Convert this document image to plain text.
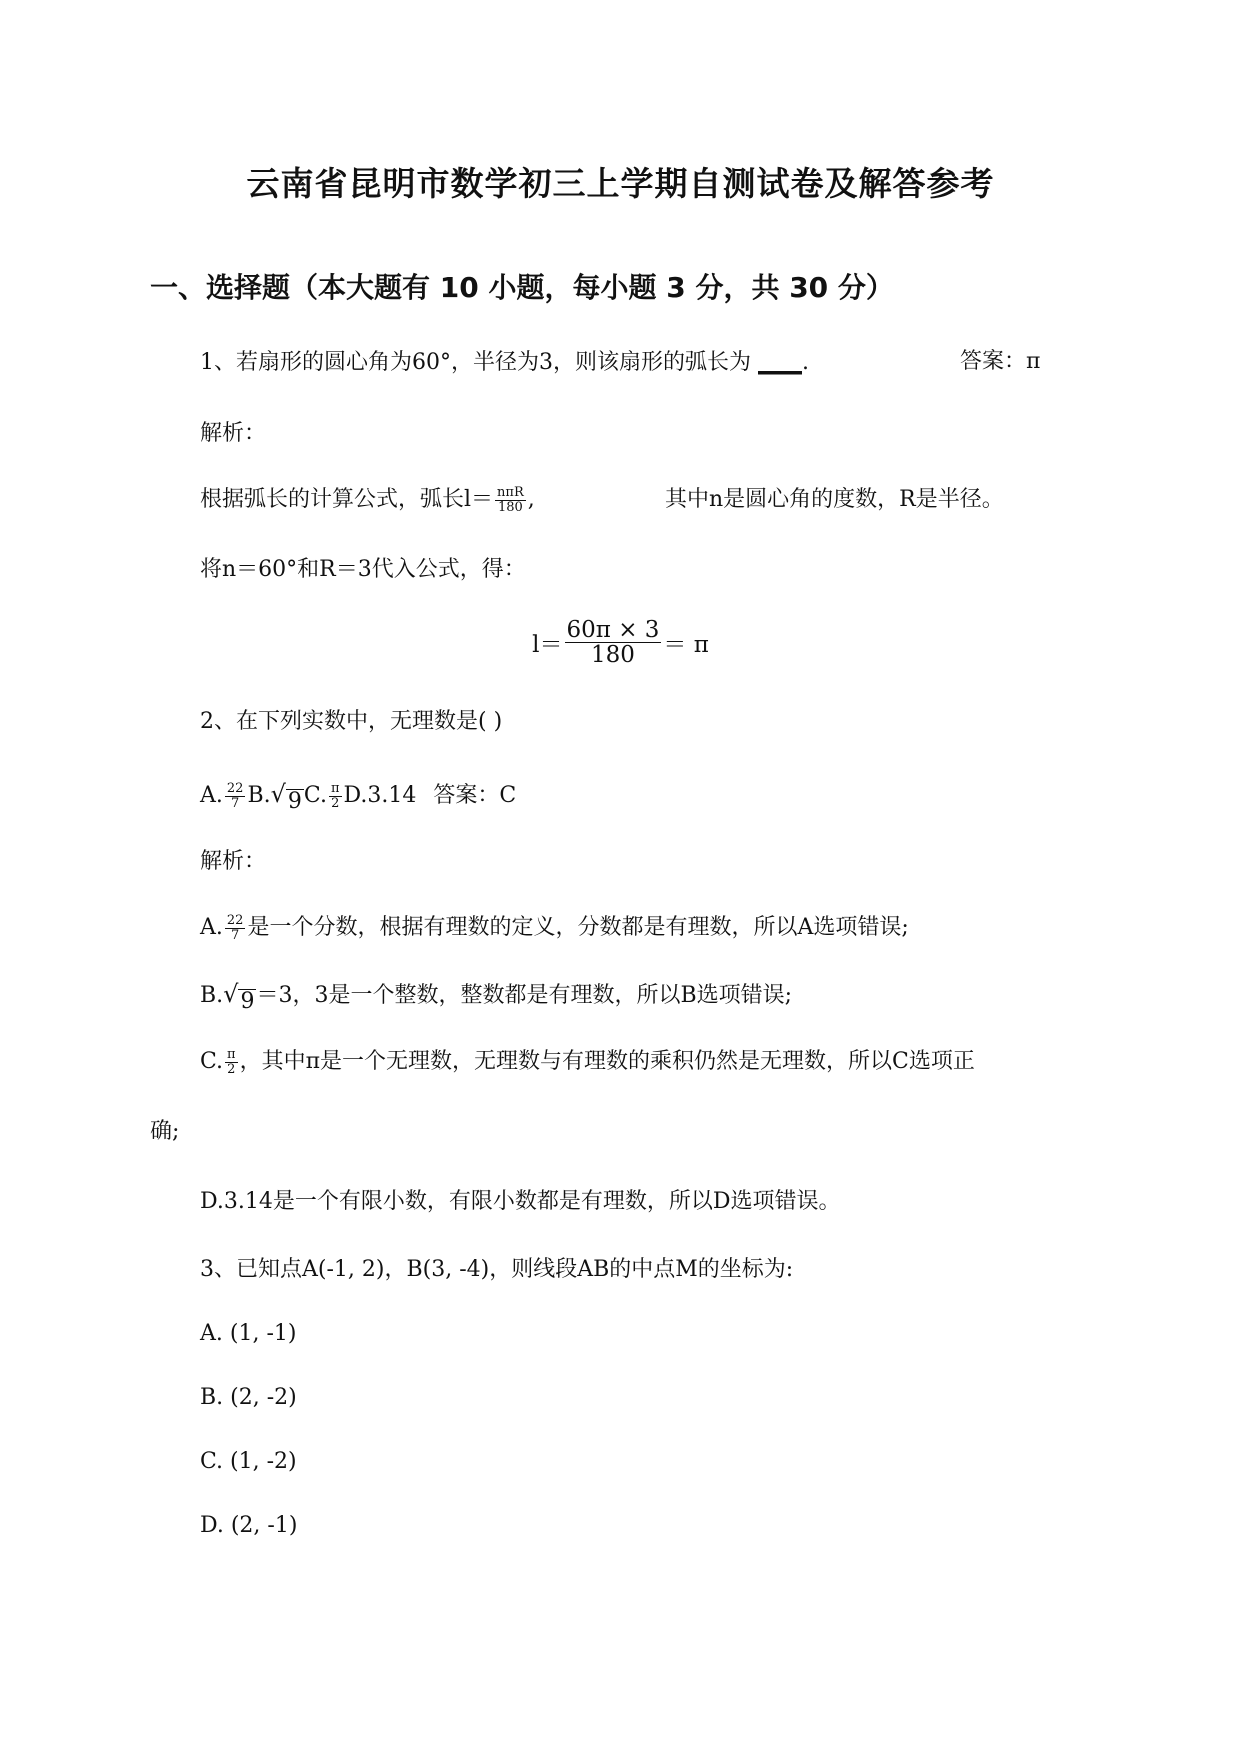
云南省昆明市数学初三上学期自测试卷及解答参考
一、选择题（本大题有 10 小题，每小题 3 分，共 30 分）
1、若扇形的圆心角为60°，半径为3，则该扇形的弧长为 ____.	答案：π
解析：
根据弧长的计算公式，弧长$l= \frac{\text{nπR}}{180}$ ,	其中n是圆心角的度数，R是半径。
将n＝60°和R＝3代入公式，得：
$l= \frac{60\pi \times 3}{180} = \pi$
2、在下列实数中，无理数是( )
A. $\frac{22}{7} B$. √ 9 C. $\frac{\pi}{2} D.3.14$ 答案：C
解析：
A. $\frac{22}{7}$ 是一个分数，根据有理数的定义，分数都是有理数，所以A选项错误;
B. √ 9 ＝3，3是一个整数，整数都是有理数，所以B选项错误;
C. $\frac{\pi}{2}$ ，其中π是一个无理数，无理数与有理数的乘积仍然是无理数，所以C选项正
确;
D.3.14是一个有限小数，有限小数都是有理数，所以D选项错误。
3、已知点A(-1, 2)，B(3, -4)，则线段AB的中点M的坐标为:
A. (1, -1)
B. (2, -2)
C. (1, -2)
D. (2, -1)
